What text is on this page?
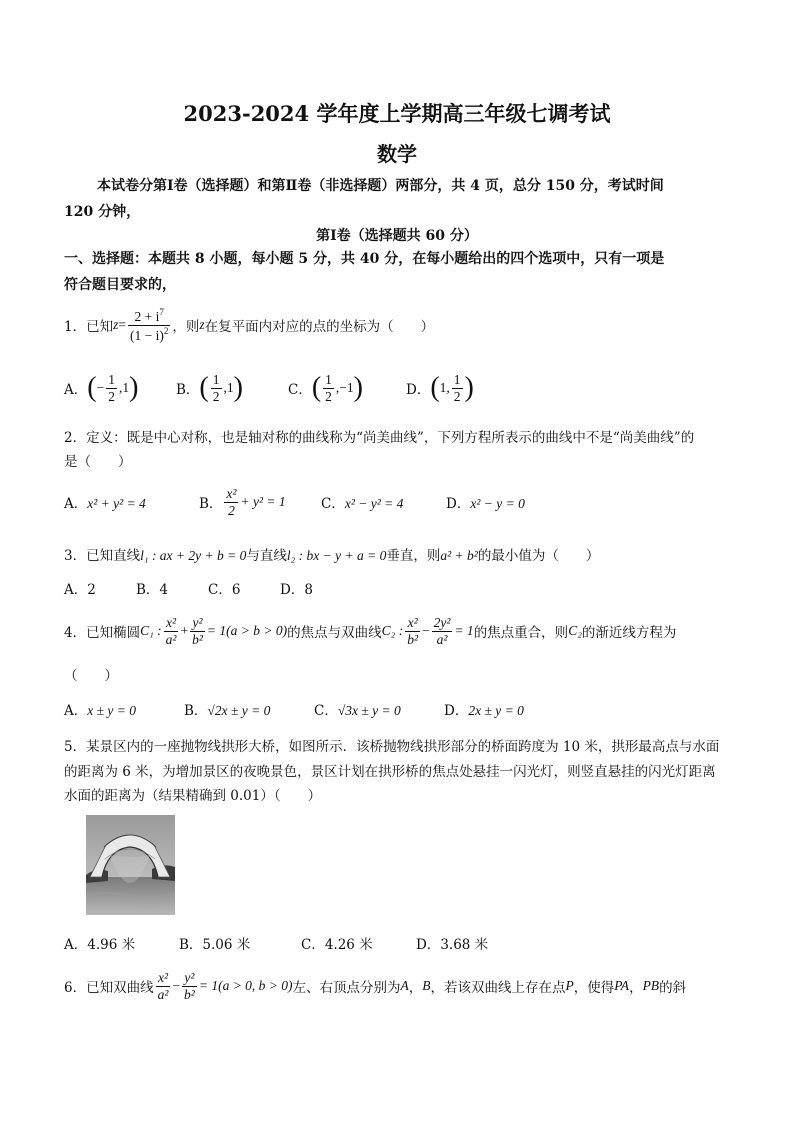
2023-2024 学年度上学期高三年级七调考试
数学
本试卷分第Ⅰ卷（选择题）和第Ⅱ卷（非选择题）两部分，共 4 页，总分 150 分，考试时间
120 分钟，
第Ⅰ卷（选择题共 60 分）
一、选择题：本题共 8 小题，每小题 5 分，共 40 分，在每小题给出的四个选项中，只有一项是
符合题目要求的，
1．已知 $z = \frac{2 + i^7}{(1 - i)^2}$ ，则 z 在复平面内对应的点的坐标为（　　）
A． ( − $\frac{1}{2} ,1$ )	B． ( $\frac{1}{2} ,1$ )	C． ( $\frac{1}{2} ,-1$ )	D． ( 1, $\frac{1}{2}$ )
2．定义：既是中心对称，也是轴对称的曲线称为“尚美曲线”，下列方程所表示的曲线中不是“尚美曲线”的
是（　　）
A．x² + y² = 4	B． $\frac{\text{x²}}{2} + y^2 = 1$	C．x² − y² = 4	D．x² − y = 0
3．已知直线l₁ : ax + 2y + b = 0与直线l₂ : bx − y + a = 0垂直，则a² + b²的最小值为（　　）
A．2	B．4	C．6	D．8
4．已知椭圆 C₁ : $\frac{\text{x²}}{\text{a²}} + \frac{\text{y²}}{\text{b²}} = 1(a > b > 0)$ 的焦点与双曲线 C₂ : $\frac{\text{x²}}{\text{b²}} - \frac{\text{2y²}}{\text{a²}} = 1$ 的焦点重合，则 C₂ 的渐近线方程为
（　　）
A．x ± y = 0	B．√2x ± y = 0	C．√3x ± y = 0	D．2x ± y = 0
5．某景区内的一座抛物线拱形大桥，如图所示．该桥抛物线拱形部分的桥面跨度为 10 米，拱形最高点与水面
的距离为 6 米，为增加景区的夜晚景色，景区计划在拱形桥的焦点处悬挂一闪光灯，则竖直悬挂的闪光灯距离
水面的距离为（结果精确到 0.01）（　　）
A．4.96 米	B．5.06 米	C．4.26 米	D．3.68 米
6．已知双曲线 $\frac{\text{x²}}{\text{a²}} - \frac{\text{y²}}{\text{b²}} = 1(a > 0$, b > 0) 左、右顶点分别为 A ， B ，若该双曲线上存在点 P ，使得 PA ， PB 的斜
